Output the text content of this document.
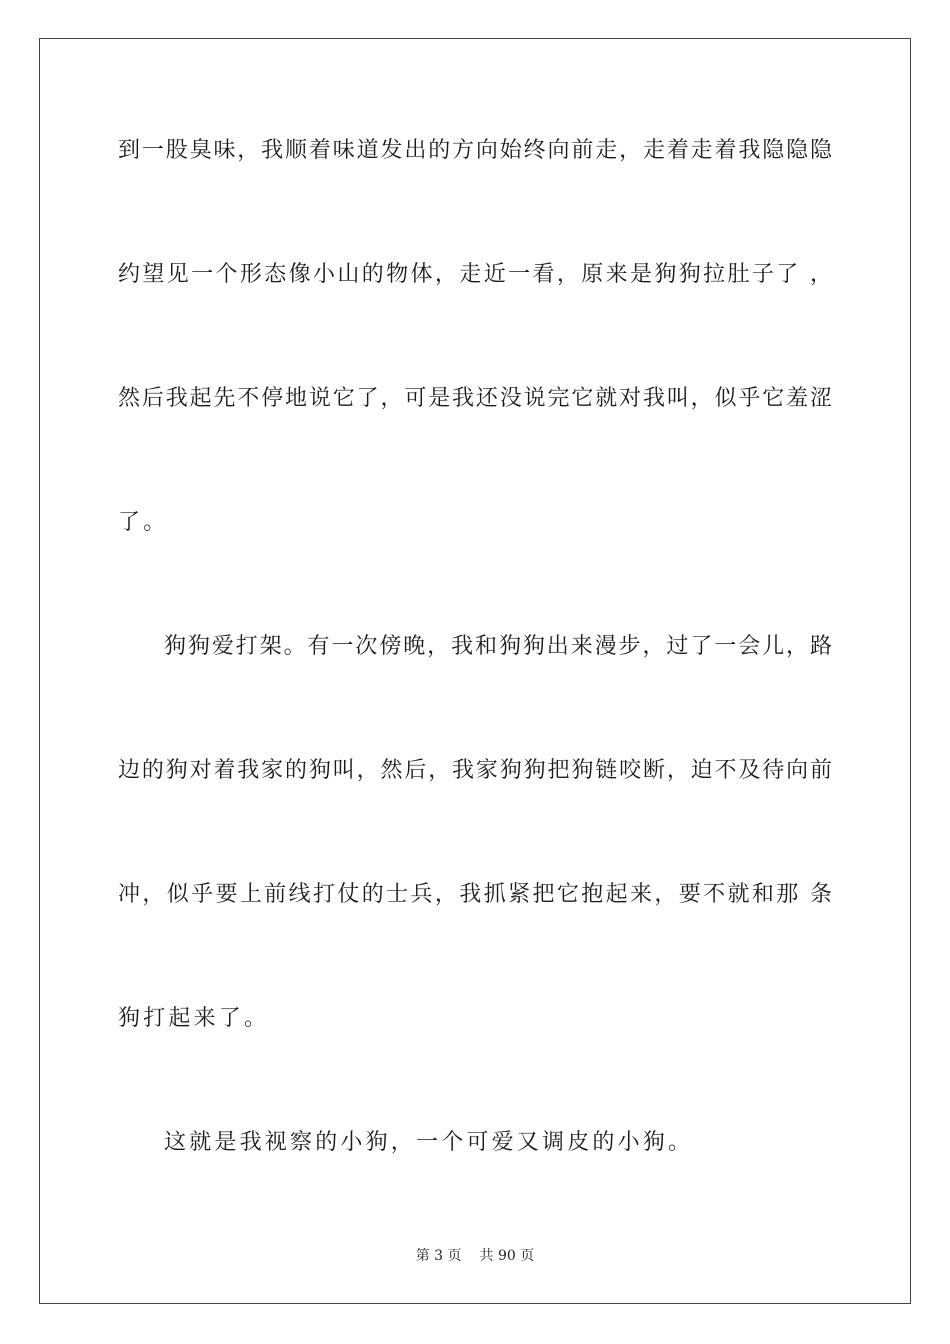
到一股臭味，我顺着味道发出的方向始终向前走，走着走着我隐隐隐
约望见一个形态像小山的物体，走近一看，原来是狗狗拉肚子了 ，
然后我起先不停地说它了，可是我还没说完它就对我叫，似乎它羞涩
了。
狗狗爱打架。有一次傍晚，我和狗狗出来漫步，过了一会儿，路
边的狗对着我家的狗叫，然后，我家狗狗把狗链咬断，迫不及待向前
冲，似乎要上前线打仗的士兵，我抓紧把它抱起来，要不就和那 条
狗打起来了。
这就是我视察的小狗，一个可爱又调皮的小狗。
第 3 页 共 90 页
